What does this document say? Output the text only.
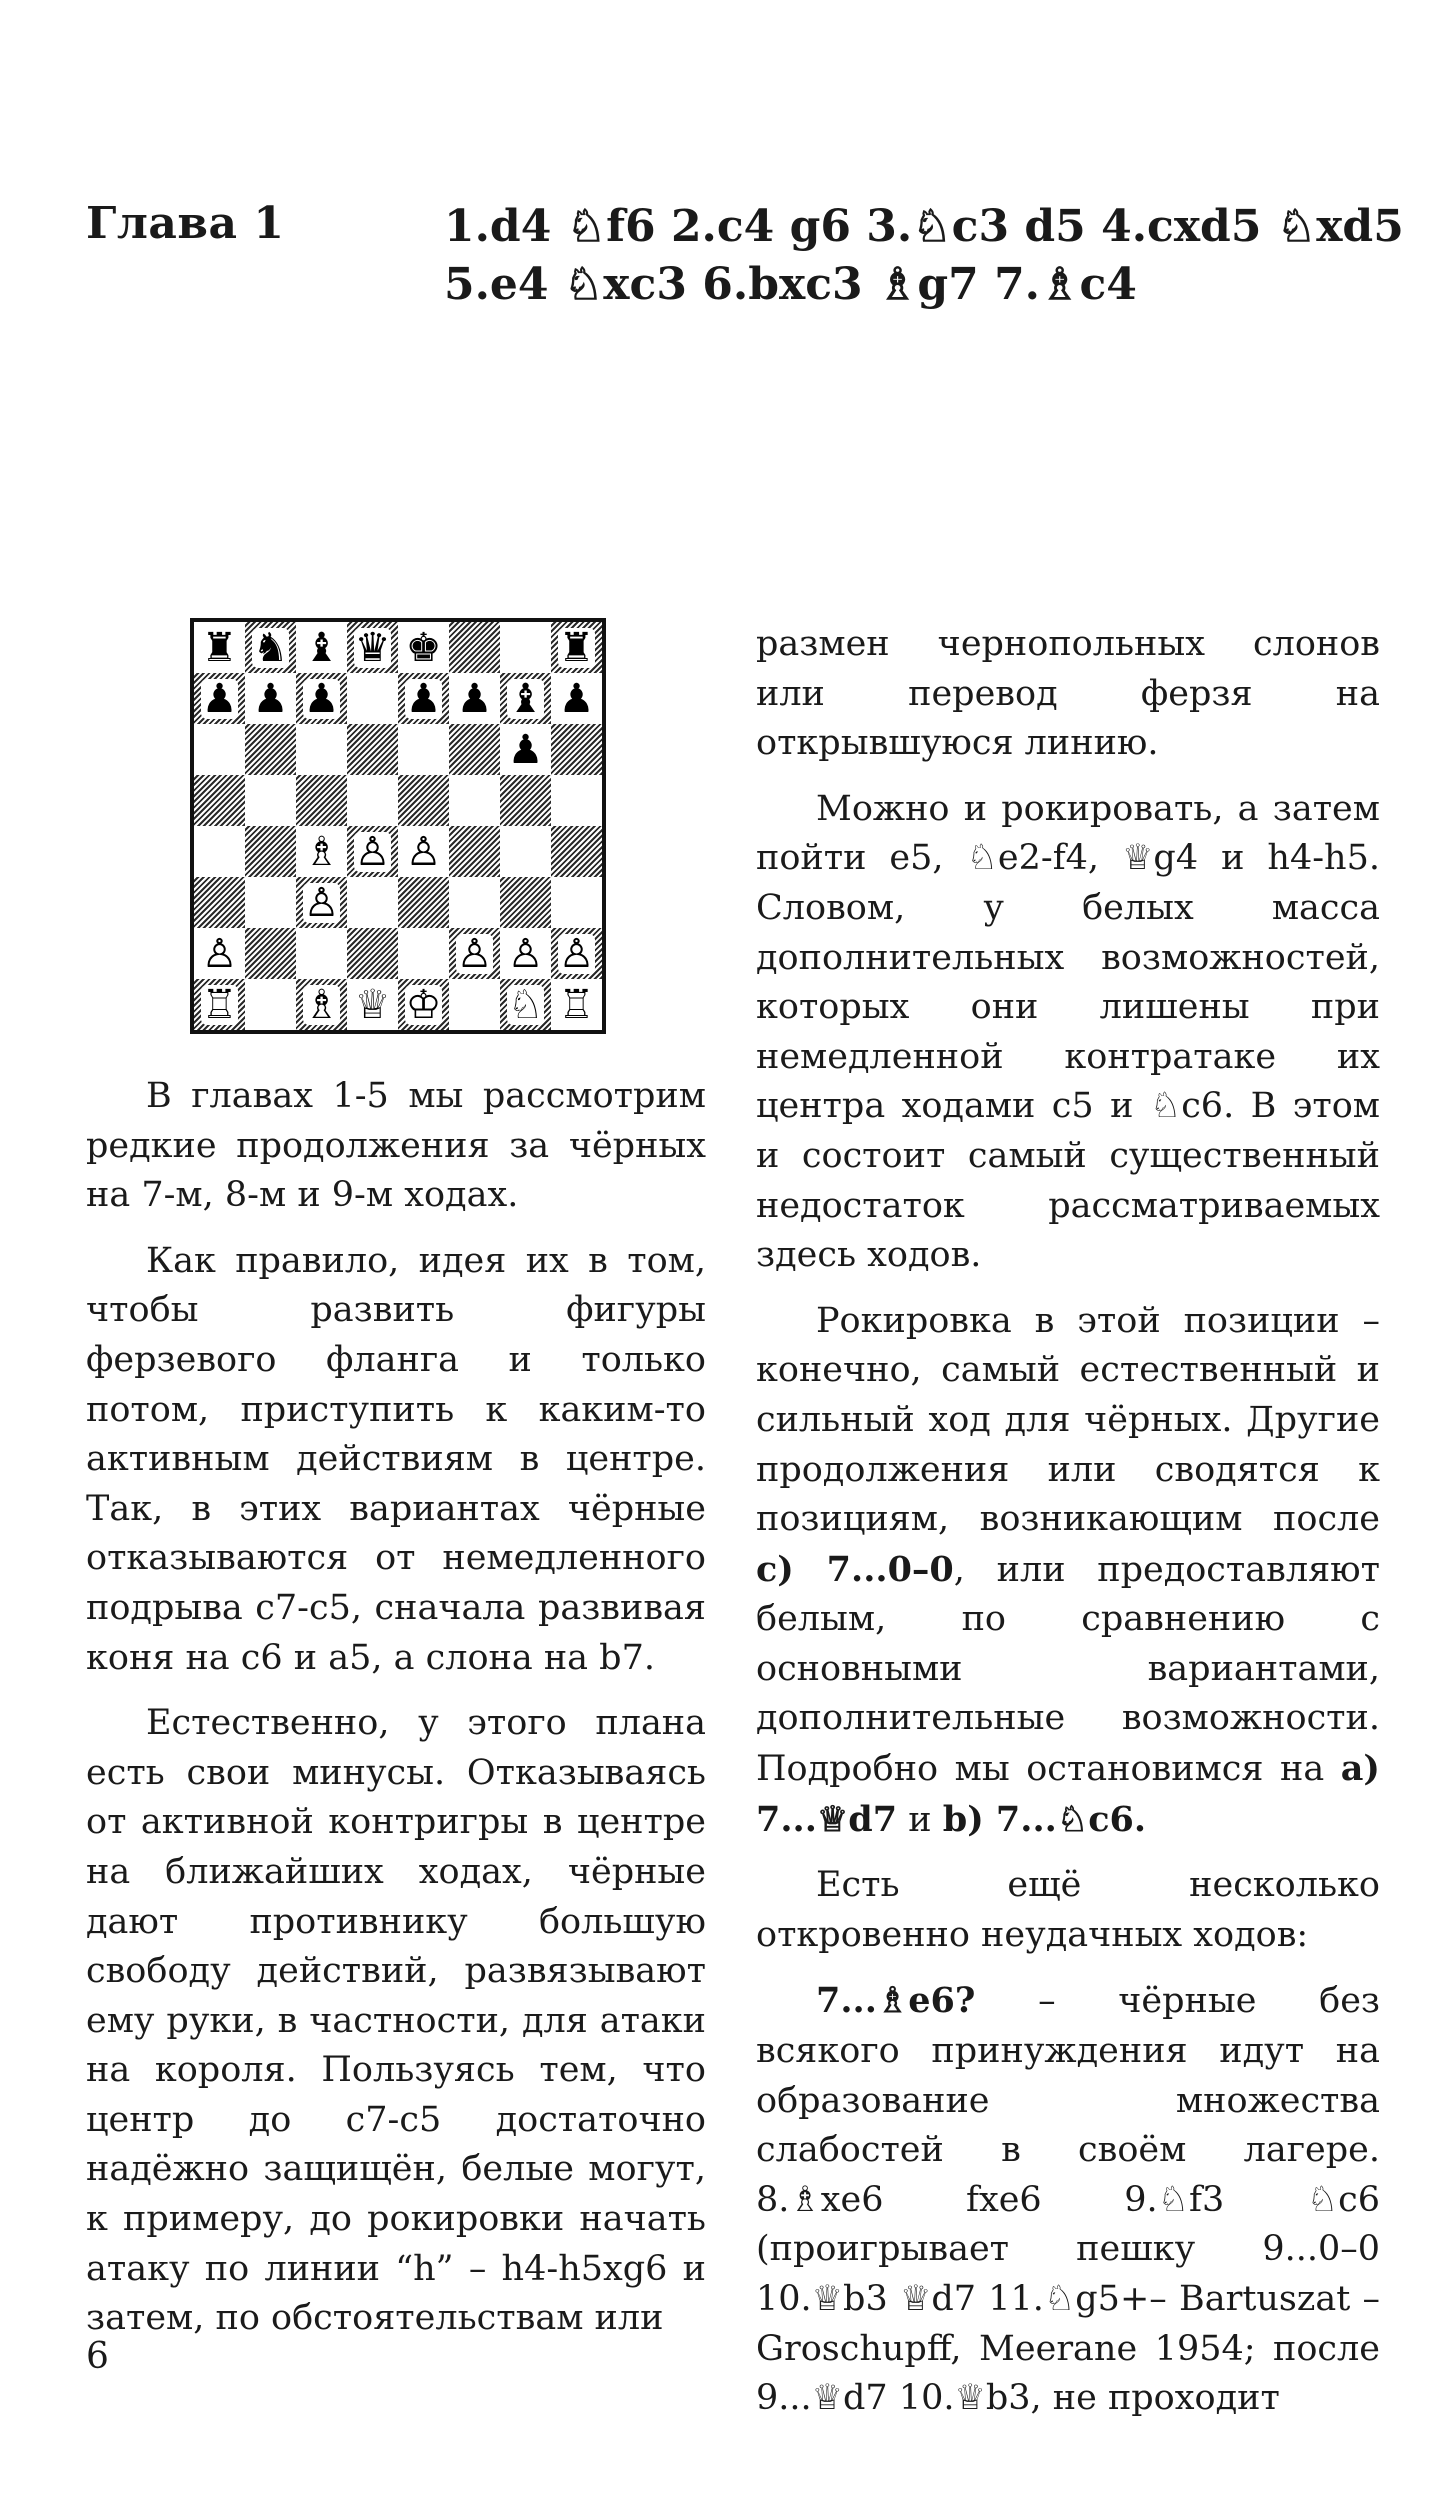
Глава 1	1.d4 ♘f6 2.c4 g6 3.♘c3 d5 4.cxd5 ♘xd5
5.e4 ♘xc3 6.bxc3 ♗g7 7.♗c4
♜ ♞ ♝ ♛ ♚	♜
♟ ♟ ♟ ♟ ♟ ♝ ♟
♟
♗ ♙ ♙
♙
♙	♙ ♙ ♙
♖ ♗ ♕ ♔ ♘ ♖

В главах 1-5 мы рассмотрим редкие продолжения за чёрных на 7-м, 8-м и 9-м ходах.

Как правило, идея их в том, чтобы развить фигуры ферзевого фланга и только потом, приступить к каким-то активным действиям в центре. Так, в этих вариантах чёрные отказываются от немедленного подрыва с7-с5, сначала развивая коня на с6 и а5, а слона на b7.

Естественно, у этого плана есть свои минусы. Отказываясь от активной контригры в центре на ближайших ходах, чёрные дают противнику большую свободу действий, развязывают ему руки, в частности, для атаки на короля. Пользуясь тем, что центр до с7-с5 достаточно надёжно защищён, белые могут, к примеру, до рокировки начать атаку по линии “h” – h4-h5xg6 и затем, по обстоятельствам или

размен чернопольных слонов или перевод ферзя на открывшуюся линию.

Можно и рокировать, а затем пойти е5, ♘e2-f4, ♕g4 и h4-h5. Словом, у белых масса дополнительных возможностей, которых они лишены при немедленной контратаке их центра ходами с5 и ♘c6. В этом и состоит самый существенный недостаток рассматриваемых здесь ходов.

Рокировка в этой позиции – конечно, самый естественный и сильный ход для чёрных. Другие продолжения или сводятся к позициям, возникающим после c) 7...0–0, или предоставляют белым, по сравнению с основными вариантами, дополнительные возможности. Подробно мы остановимся на a) 7...♕d7 и b) 7...♘c6.

Есть ещё несколько откровенно неудачных ходов:

7...♗e6? – чёрные без всякого принуждения идут на образование множества слабостей в своём лагере. 8.♗xe6 fxe6 9.♘f3 ♘c6 (проигрывает пешку 9...0–0 10.♕b3 ♕d7 11.♘g5+– Bartuszat – Groschupff, Meerane 1954; после 9...♕d7 10.♕b3, не проходит

6
